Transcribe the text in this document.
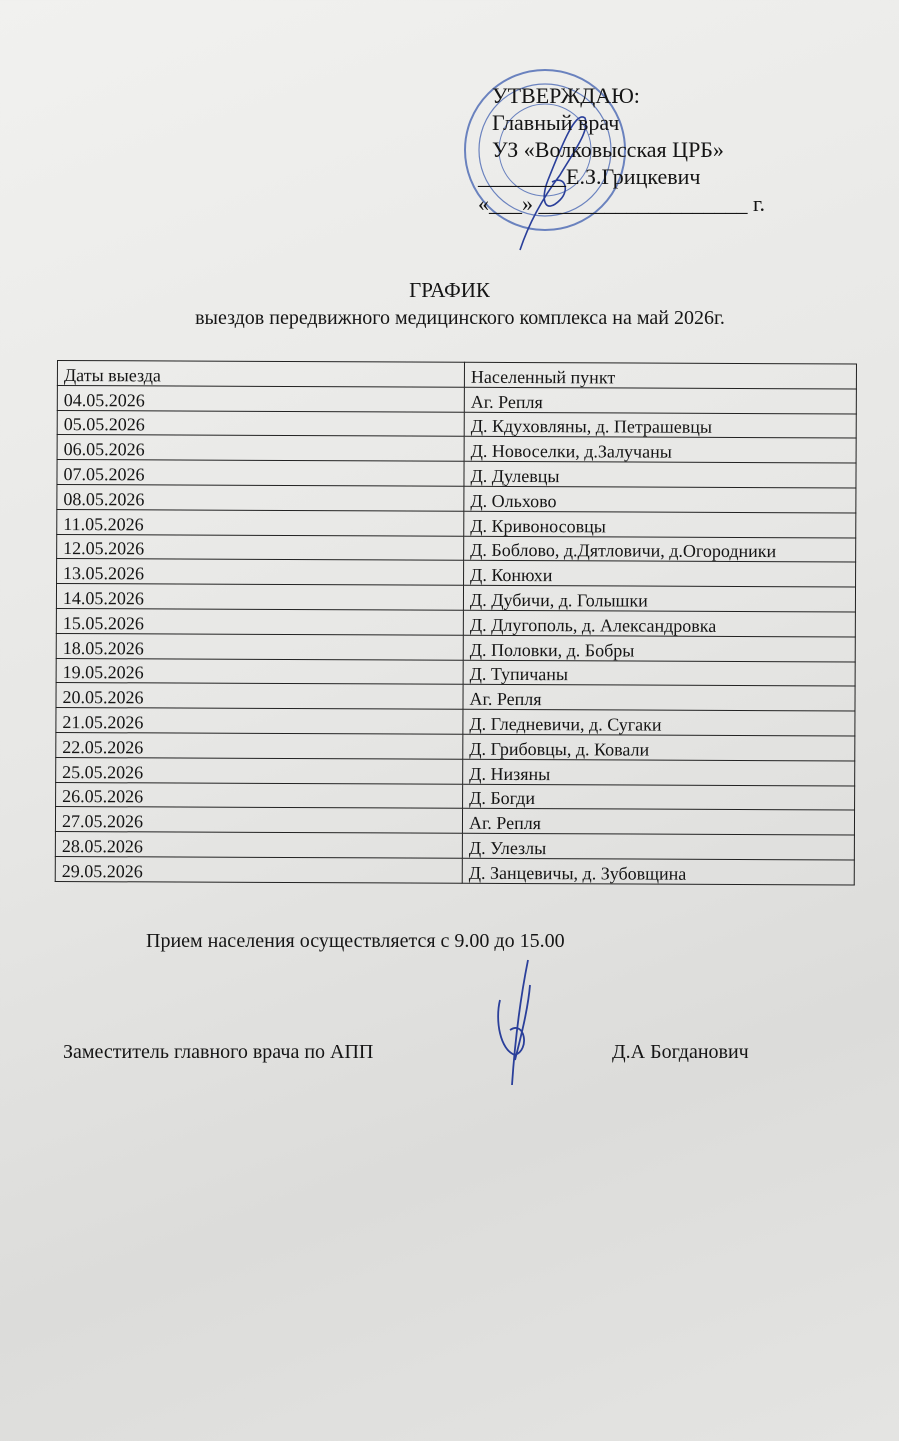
УТВЕРЖДАЮ:
Главный врач
УЗ «Волковысская ЦРБ»
________Е.З.Грицкевич
«___» ___________________ г.
ГРАФИК
выездов передвижного медицинского комплекса на май 2026г.
Даты выезда	Населенный пункт
04.05.2026	Аг. Репля
05.05.2026	Д. Кдуховляны, д. Петрашевцы
06.05.2026	Д. Новоселки, д.Залучаны
07.05.2026	Д. Дулевцы
08.05.2026	Д. Ольхово
11.05.2026	Д. Кривоносовцы
12.05.2026	Д. Боблово, д.Дятловичи, д.Огородники
13.05.2026	Д. Конюхи
14.05.2026	Д. Дубичи, д. Голышки
15.05.2026	Д. Длугополь, д. Александровка
18.05.2026	Д. Половки, д. Бобры
19.05.2026	Д. Тупичаны
20.05.2026	Аг. Репля
21.05.2026	Д. Гледневичи, д. Сугаки
22.05.2026	Д. Грибовцы, д. Ковали
25.05.2026	Д. Низяны
26.05.2026	Д. Богди
27.05.2026	Аг. Репля
28.05.2026	Д. Улезлы
29.05.2026	Д. Занцевичы, д. Зубовщина
Прием населения осуществляется с 9.00 до 15.00
Заместитель главного врача по АПП	Д.А Богданович
